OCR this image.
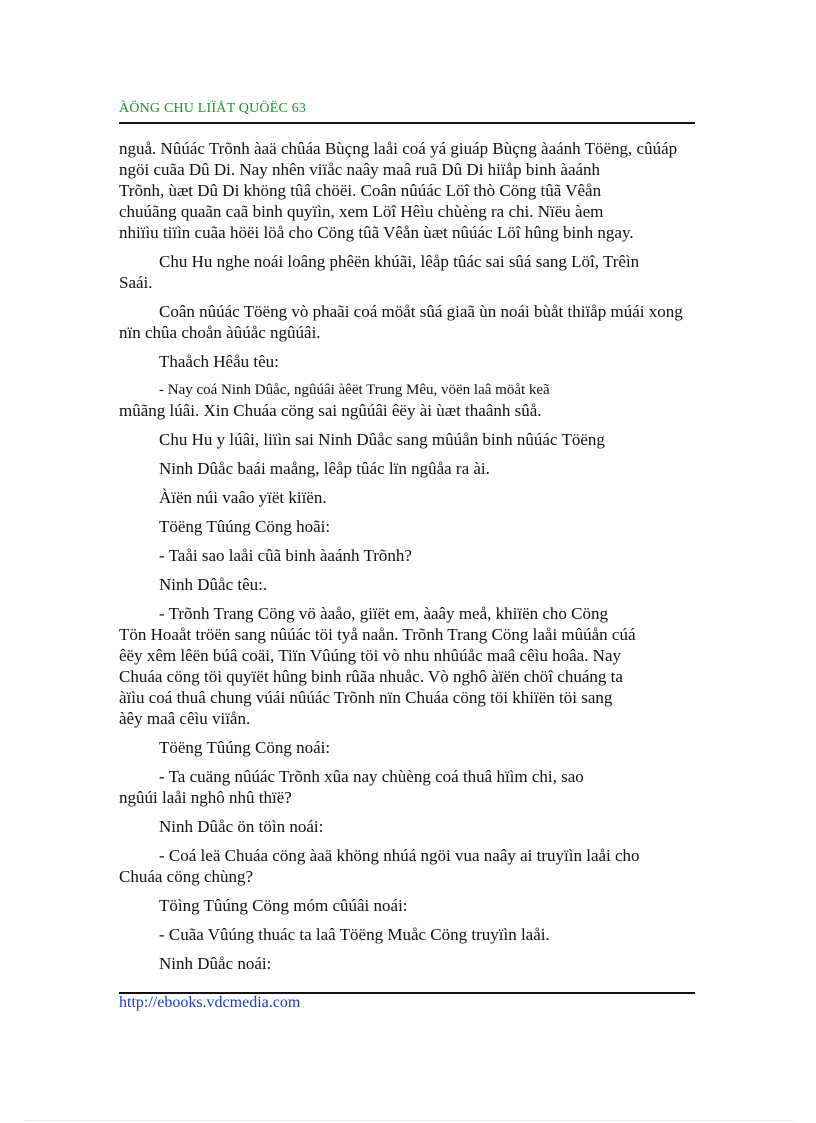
ÀÖNG CHU LIÏÅT QUÖËC 63

nguå. Nûúác Trõnh àaä chûáa Bùçng laåi coá yá giuáp Bùçng àaánh Töëng, cûúáp
ngöi cuãa Dû Di. Nay nhên viïåc naây maâ ruã Dû Di hiïåp binh àaánh
Trõnh, ùæt Dû Di khöng tûâ chöëi. Coân nûúác Löî thò Cöng tûã Vêån
chuúãng quaãn caã binh quyïìn, xem Löî Hêìu chùèng ra chi. Nïëu àem
nhiïìu tiïìn cuãa höëi löå cho Cöng tûã Vêån ùæt nûúác Löî hûng binh ngay.

Chu Hu nghe noái loâng phêën khúãi, lêåp tûác sai sûá sang Löî, Trêìn
Saái.

Coân nûúác Töëng vò phaãi coá möåt sûá giaã ùn noái bùåt thiïåp múái xong
nïn chûa choån àûúåc ngûúâi.

Thaåch Hêåu têu:

- Nay coá Ninh Dûåc, ngûúâi àêët Trung Mêu, vöën laâ möåt keã

mûãng lúâi. Xin Chuáa cöng sai ngûúâi êëy ài ùæt thaânh sûå.

Chu Hu y lúâi, liïìn sai Ninh Dûåc sang mûúån binh nûúác Töëng

Ninh Dûåc baái maång, lêåp tûác lïn ngûåa ra ài.

Àïën núi vaâo yïët kiïën.

Töëng Tûúng Cöng hoãi:

- Taåi sao laåi cûã binh àaánh Trõnh?

Ninh Dûåc têu:.

- Trõnh Trang Cöng vö àaåo, giïët em, àaây meå, khiïën cho Cöng
Tön Hoaåt tröën sang nûúác töi tyå naån. Trõnh Trang Cöng laåi mûúån cúá
êëy xêm lêën búâ coäi, Tiïn Vûúng töi vò nhu nhûúåc maâ cêìu hoâa. Nay
Chuáa cöng töi quyïët hûng binh rûãa nhuåc. Vò nghô àïën chöî chuáng ta
àïìu coá thuâ chung vúái nûúác Trõnh nïn Chuáa cöng töi khiïën töi sang
àêy maâ cêìu viïån.

Töëng Tûúng Cöng noái:

- Ta cuäng nûúác Trõnh xûa nay chùèng coá thuâ hïìm chi, sao
ngûúi laåi nghô nhû thïë?

Ninh Dûåc ön töìn noái:

- Coá leä Chuáa cöng àaä khöng nhúá ngöi vua naây ai truyïìn laåi cho
Chuáa cöng chùng?

Töìng Tûúng Cöng móm cûúâi noái:

- Cuãa Vûúng thuác ta laâ Töëng Muåc Cöng truyïìn laåi.

Ninh Dûåc noái:

http://ebooks.vdcmedia.com
